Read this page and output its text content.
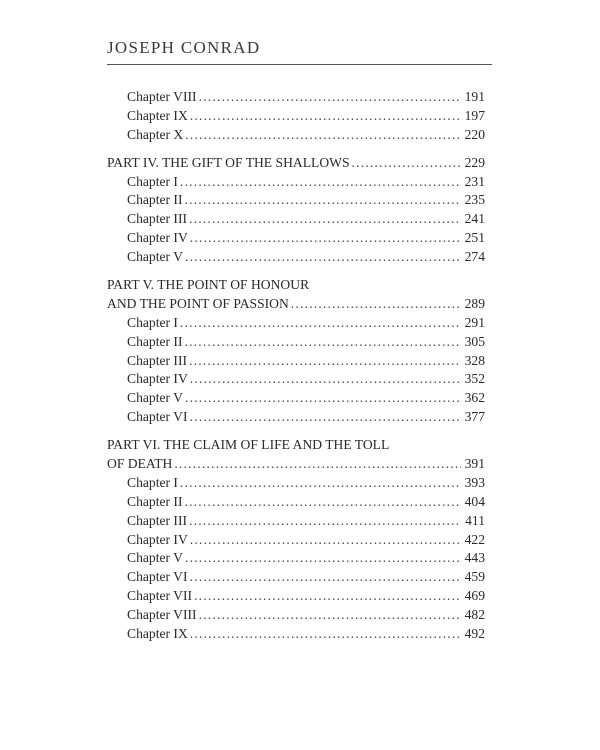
JOSEPH CONRAD
Chapter VIII .....	191
Chapter IX .....	197
Chapter X .....	220
PART IV. THE GIFT OF THE SHALLOWS .....	229
Chapter I .....	231
Chapter II .....	235
Chapter III .....	241
Chapter IV .....	251
Chapter V .....	274
PART V. THE POINT OF HONOUR
AND THE POINT OF PASSION .....	289
Chapter I .....	291
Chapter II .....	305
Chapter III .....	328
Chapter IV .....	352
Chapter V .....	362
Chapter VI .....	377
PART VI. THE CLAIM OF LIFE AND THE TOLL
OF DEATH .....	391
Chapter I .....	393
Chapter II .....	404
Chapter III .....	411
Chapter IV .....	422
Chapter V .....	443
Chapter VI .....	459
Chapter VII .....	469
Chapter VIII .....	482
Chapter IX .....	492
